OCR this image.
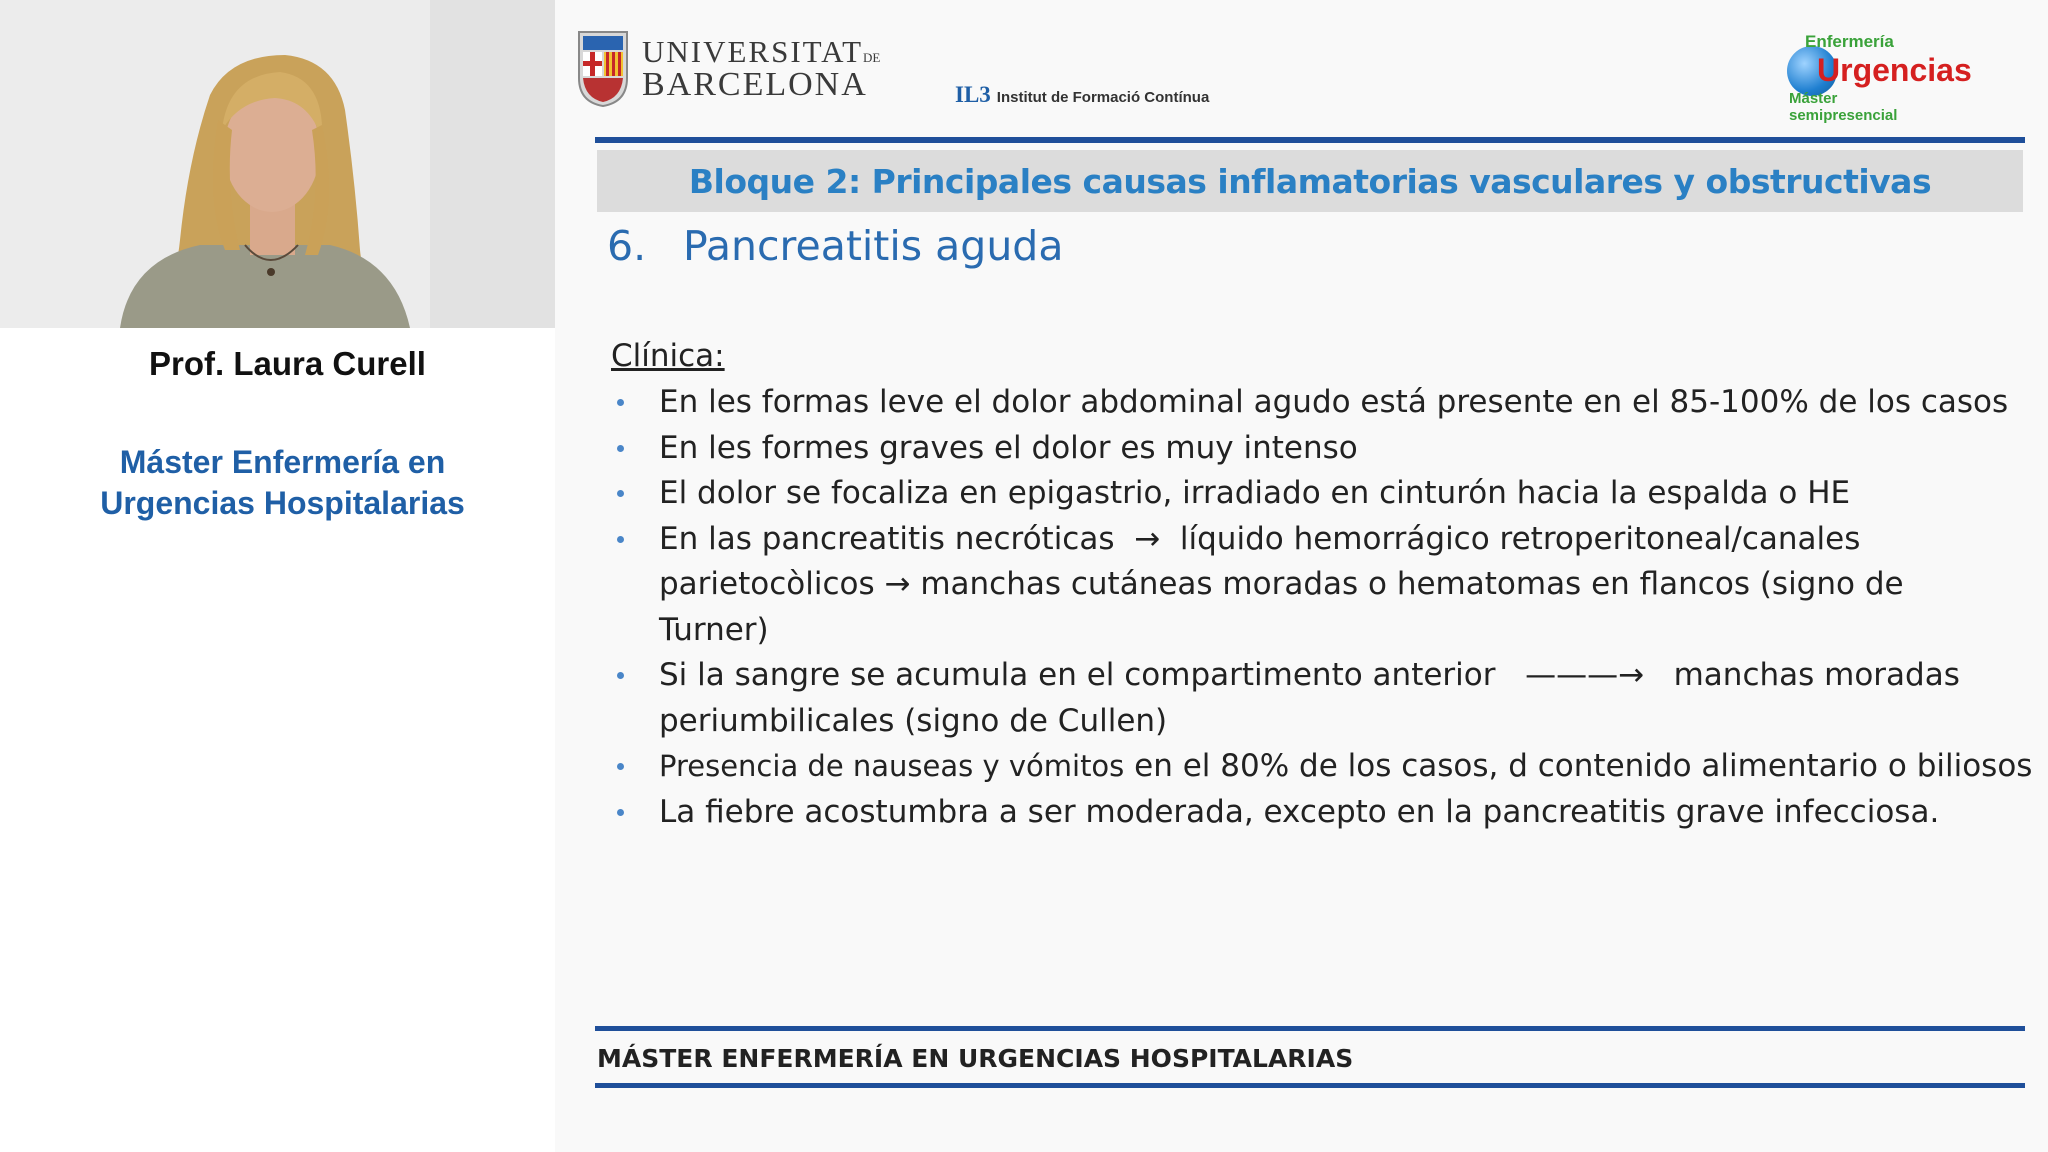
Prof. Laura Curell
Máster Enfermería en
Urgencias Hospitalarias
UNIVERSITATDE
BARCELONA	IL3 Institut de Formació Contínua
Enfermería
Urgencias
Máster semipresencial
Bloque 2: Principales causas inflamatorias vasculares y obstructivas
6. Pancreatitis aguda
Clínica:
En les formas leve el dolor abdominal agudo está presente en el 85-100% de los casos
En les formes graves el dolor es muy intenso
El dolor se focaliza en epigastrio, irradiado en cinturón hacia la espalda o HE
En las pancreatitis necróticas  →  líquido hemorrágico retroperitoneal/canales parietocòlicos → manchas cutáneas moradas o hematomas en flancos (signo de Turner)
Si la sangre se acumula en el compartimento anterior   ———→   manchas moradas periumbilicales (signo de Cullen)
Presencia de nauseas y vómitos en el 80% de los casos, d contenido alimentario o biliosos
La fiebre acostumbra a ser moderada, excepto en la pancreatitis grave infecciosa.
MÁSTER ENFERMERÍA EN URGENCIAS HOSPITALARIAS
